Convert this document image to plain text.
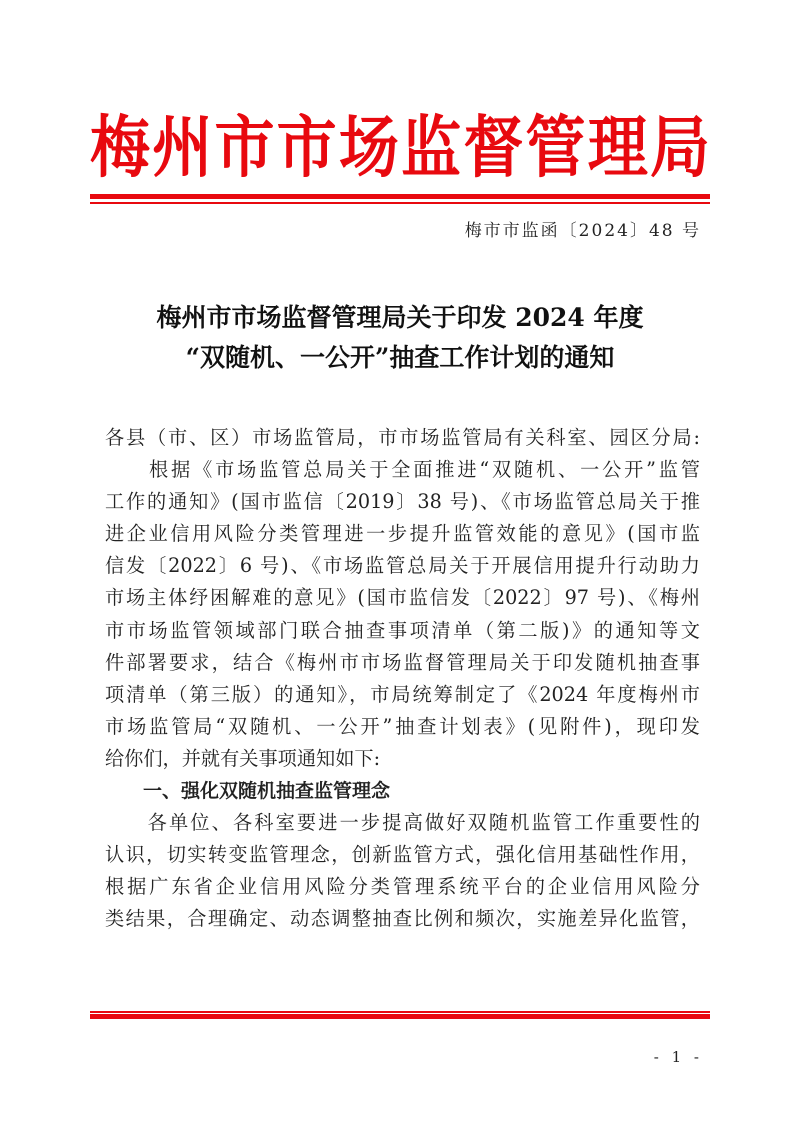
梅 州 市 市 场 监 督 管 理 局
梅市市监函〔2024〕48 号
梅州市市场监督管理局关于印发 2024 年度
“双随机、一公开”抽查工作计划的通知
各县（市、区）市场监管局，市市场监管局有关科室、园区分局:
　　根据《市场监管总局关于全面推进“双随机、一公开”监管
工作的通知》(国市监信〔2019〕38 号)、《市场监管总局关于推
进企业信用风险分类管理进一步提升监管效能的意见》(国市监
信发〔2022〕6 号)、《市场监管总局关于开展信用提升行动助力
市场主体纾困解难的意见》(国市监信发〔2022〕97 号)、《梅州
市市场监管领域部门联合抽查事项清单（第二版)》的通知等文
件部署要求，结合《梅州市市场监督管理局关于印发随机抽查事
项清单（第三版）的通知》，市局统筹制定了《2024 年度梅州市
市场监管局“双随机、一公开”抽查计划表》(见附件)，现印发
给你们，并就有关事项通知如下:
　　一、强化双随机抽查监管理念
　　各单位、各科室要进一步提高做好双随机监管工作重要性的
认识，切实转变监管理念，创新监管方式，强化信用基础性作用，
根据广东省企业信用风险分类管理系统平台的企业信用风险分
类结果，合理确定、动态调整抽查比例和频次，实施差异化监管，
- 1 -
